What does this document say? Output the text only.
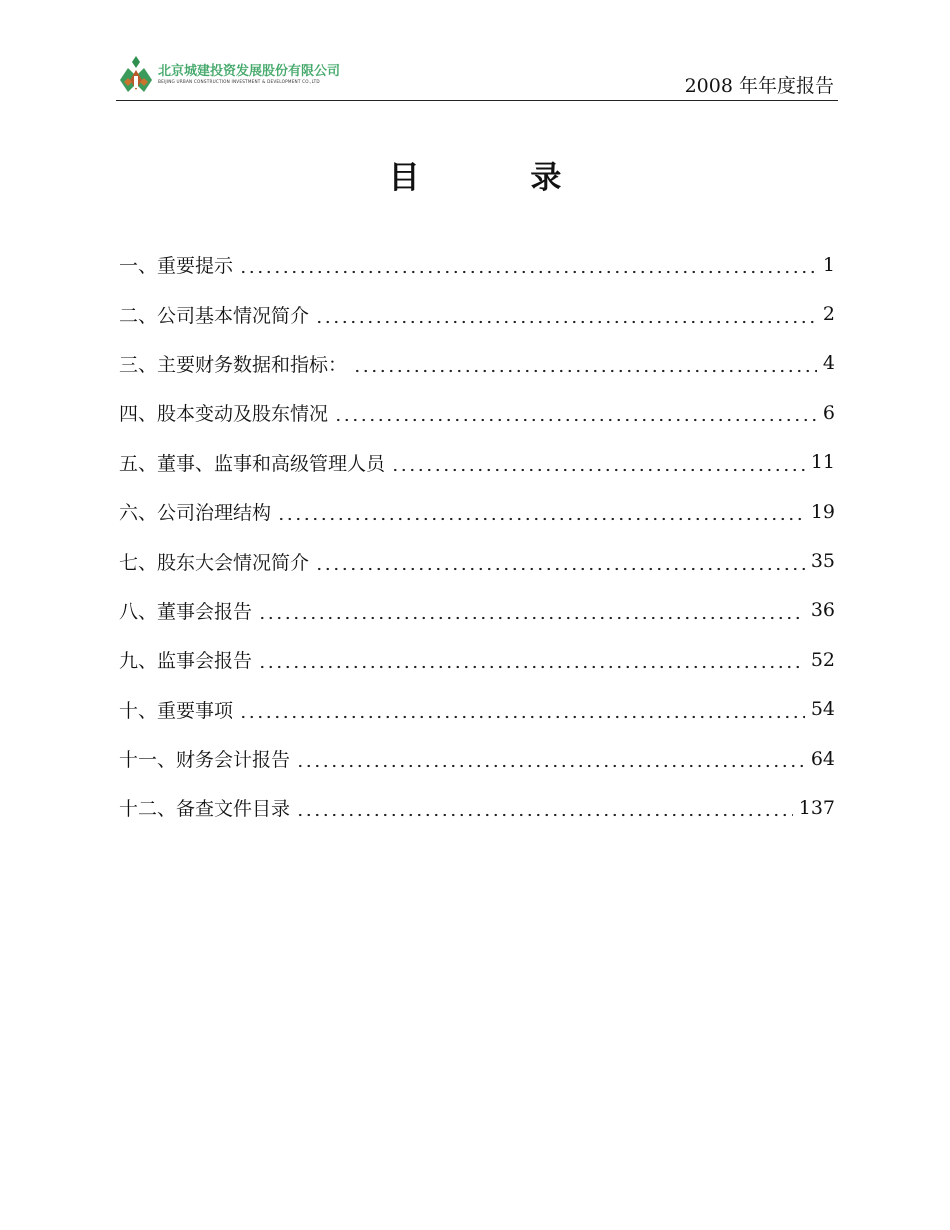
北京城建投资发展股份有限公司
BEIJING URBAN CONSTRUCTION INVESTMENT & DEVELOPMENT CO.,LTD	2008 年年度报告
目 录
一、重要提示	1
二、公司基本情况简介	2
三、主要财务数据和指标：	4
四、股本变动及股东情况	6
五、董事、监事和高级管理人员	11
六、公司治理结构	19
七、股东大会情况简介	35
八、董事会报告	36
九、监事会报告	52
十、重要事项	54
十一、财务会计报告	64
十二、备查文件目录	137
